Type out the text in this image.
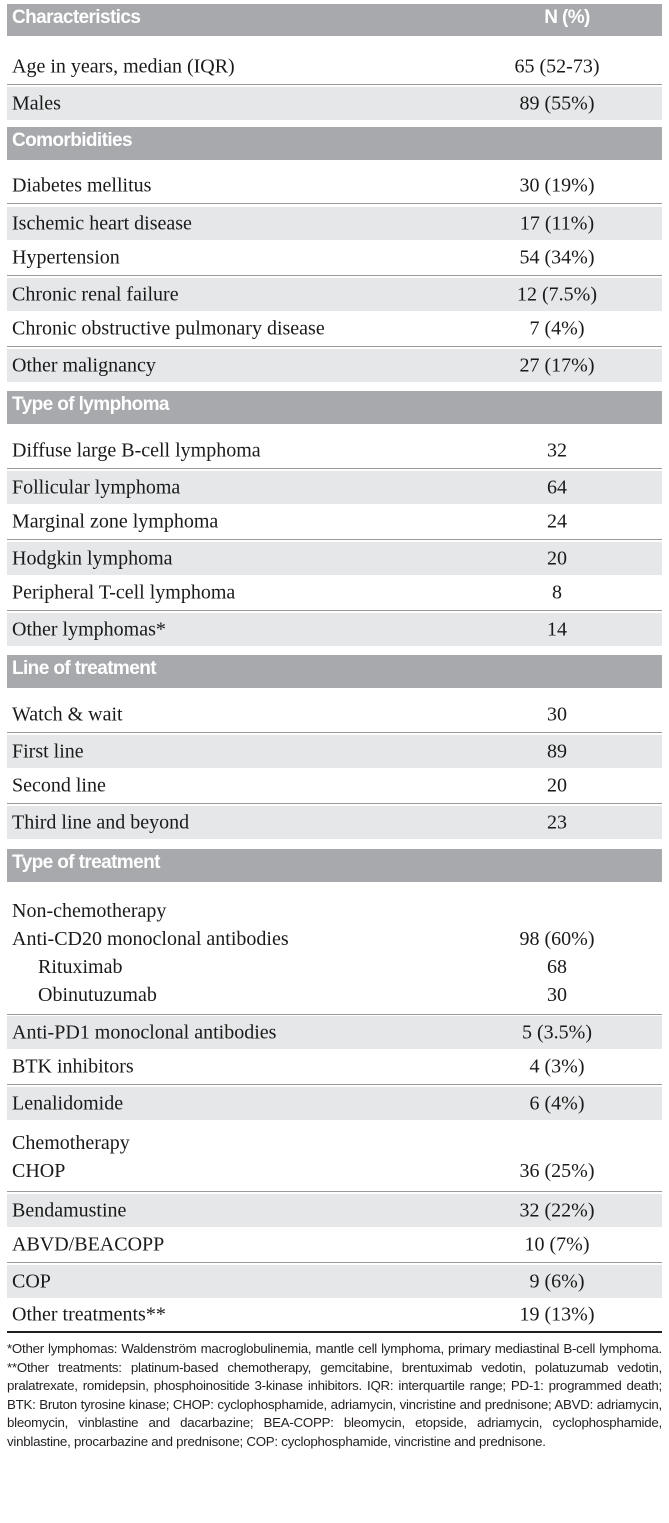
Characteristics	N (%)
Age in years, median (IQR)	65 (52-73)
Males	89 (55%)
Comorbidities
Diabetes mellitus	30 (19%)
Ischemic heart disease	17 (11%)
Hypertension	54 (34%)
Chronic renal failure	12 (7.5%)
Chronic obstructive pulmonary disease	7 (4%)
Other malignancy	27 (17%)
Type of lymphoma
Diffuse large B-cell lymphoma	32
Follicular lymphoma	64
Marginal zone lymphoma	24
Hodgkin lymphoma	20
Peripheral T-cell lymphoma	8
Other lymphomas*	14
Line of treatment
Watch & wait	30
First line	89
Second line	20
Third line and beyond	23
Type of treatment
Non-chemotherapy
Anti-CD20 monoclonal antibodies	98 (60%)
Rituximab	68
Obinutuzumab	30
Anti-PD1 monoclonal antibodies	5 (3.5%)
BTK inhibitors	4 (3%)
Lenalidomide	6 (4%)
Chemotherapy
CHOP	36 (25%)
Bendamustine	32 (22%)
ABVD/BEACOPP	10 (7%)
COP	9 (6%)
Other treatments**	19 (13%)
*Other lymphomas: Waldenström macroglobulinemia, mantle cell lymphoma, primary mediastinal B-cell lymphoma. **Other treatments: platinum-based chemotherapy, gemcitabine, brentuximab vedotin, polatuzumab vedotin, pralatrexate, romidepsin, phosphoinositide 3-kinase inhibitors. IQR: interquartile range; PD-1: programmed death; BTK: Bruton tyrosine kinase; CHOP: cyclophosphamide, adriamycin, vincristine and prednisone; ABVD: adriamycin, bleomycin, vinblastine and dacarbazine; BEA-COPP: bleomycin, etopside, adriamycin, cyclophosphamide, vinblastine, procarbazine and prednisone; COP: cyclophosphamide, vincristine and prednisone.
